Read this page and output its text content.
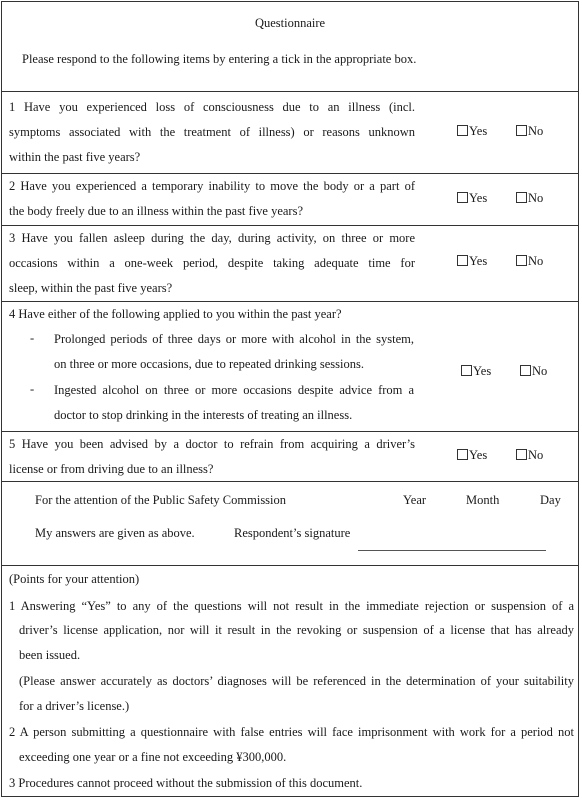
Questionnaire
Please respond to the following items by entering a tick in the appropriate box.
1 Have you experienced loss of consciousness due to an illness (incl.
symptoms associated with the treatment of illness) or reasons unknown
within the past five years?
Yes	No
2 Have you experienced a temporary inability to move the body or a part of
the body freely due to an illness within the past five years?
Yes	No
3 Have you fallen asleep during the day, during activity, on three or more
occasions within a one-week period, despite taking adequate time for
sleep, within the past five years?
Yes	No
4 Have either of the following applied to you within the past year?
- Prolonged periods of three days or more with alcohol in the system,
on three or more occasions, due to repeated drinking sessions.
- Ingested alcohol on three or more occasions despite advice from a
doctor to stop drinking in the interests of treating an illness.
Yes	No
5 Have you been advised by a doctor to refrain from acquiring a driver’s
license or from driving due to an illness?
Yes	No
For the attention of the Public Safety Commission	Year	Month	Day
My answers are given as above.	Respondent’s signature
(Points for your attention)
1 Answering “Yes” to any of the questions will not result in the immediate rejection or suspension of a
driver’s license application, nor will it result in the revoking or suspension of a license that has already
been issued.
(Please answer accurately as doctors’ diagnoses will be referenced in the determination of your suitability
for a driver’s license.)
2 A person submitting a questionnaire with false entries will face imprisonment with work for a period not
exceeding one year or a fine not exceeding ¥300,000.
3 Procedures cannot proceed without the submission of this document.
